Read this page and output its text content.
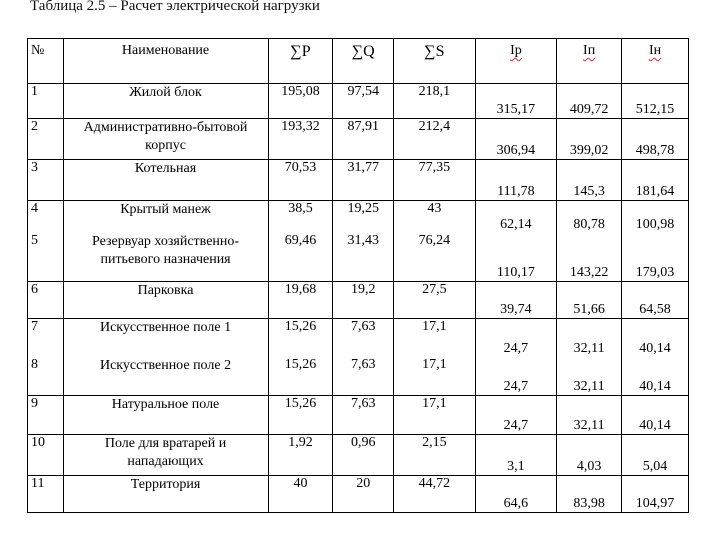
Таблица 2.5 – Расчет электрической нагрузки
№	Наименование	∑P	∑Q	∑S	Ip	Iп	Iн
1	Жилой блок	195,08	97,54	218,1	315,17	409,72	512,15
2	Административно-бытовой корпус	193,32	87,91	212,4	306,94	399,02	498,78
3	Котельная	70,53	31,77	77,35	111,78	145,3	181,64
4	Крытый манеж	38,5	19,25	43	62,14	80,78	100,98
5	Резервуар хозяйственно-питьевого назначения	69,46	31,43	76,24	110,17	143,22	179,03
6	Парковка	19,68	19,2	27,5	39,74	51,66	64,58
7	Искусственное поле 1	15,26	7,63	17,1	24,7	32,11	40,14
8	Искусственное поле 2	15,26	7,63	17,1	24,7	32,11	40,14
9	Натуральное поле	15,26	7,63	17,1	24,7	32,11	40,14
10	Поле для вратарей и нападающих	1,92	0,96	2,15	3,1	4,03	5,04
11	Территория	40	20	44,72	64,6	83,98	104,97
